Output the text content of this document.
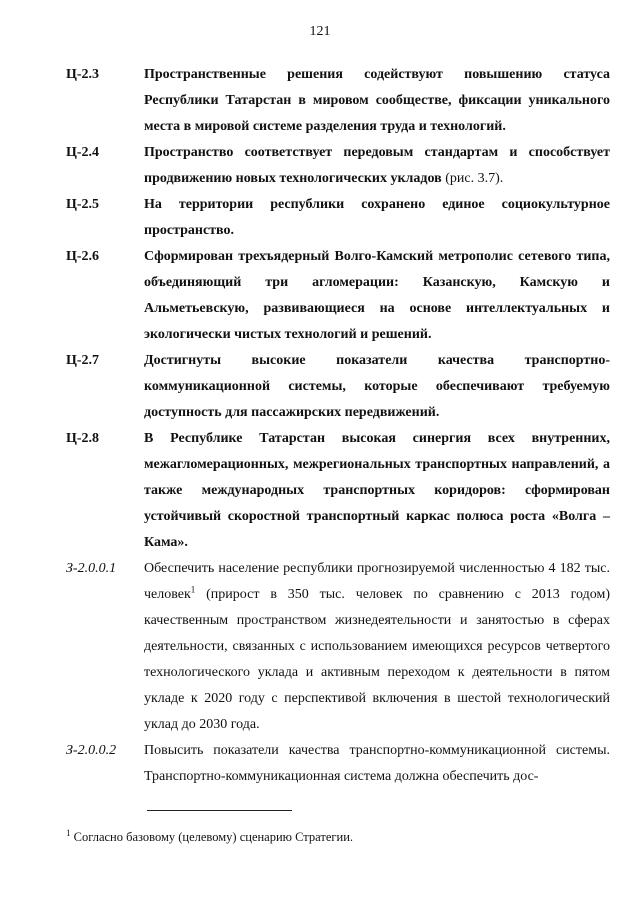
121
Ц-2.3	Пространственные решения содействуют повышению статуса Республики Татарстан в мировом сообществе, фиксации уникального места в мировой системе разделения труда и технологий.
Ц-2.4	Пространство соответствует передовым стандартам и способствует продвижению новых технологических укладов (рис. 3.7).
Ц-2.5	На территории республики сохранено единое социокультурное пространство.
Ц-2.6	Сформирован трехъядерный Волго-Камский метрополис сетевого типа, объединяющий три агломерации: Казанскую, Камскую и Альметьевскую, развивающиеся на основе интеллектуальных и экологически чистых технологий и решений.
Ц-2.7	Достигнуты высокие показатели качества транспортно-коммуникационной системы, которые обеспечивают требуемую доступность для пассажирских передвижений.
Ц-2.8	В Республике Татарстан высокая синергия всех внутренних, межагломерационных, межрегиональных транспортных направлений, а также международных транспортных коридоров: сформирован устойчивый скоростной транспортный каркас полюса роста «Волга – Кама».
З-2.0.0.1	Обеспечить население республики прогнозируемой численностью 4 182 тыс. человек$^1$ (прирост в 350 тыс. человек по сравнению с 2013 годом) качественным пространством жизнедеятельности и занятостью в сферах деятельности, связанных с использованием имеющихся ресурсов четвертого технологического уклада и активным переходом к деятельности в пятом укладе к 2020 году с перспективой включения в шестой технологический уклад до 2030 года.
З-2.0.0.2	Повысить показатели качества транспортно-коммуникационной системы. Транспортно-коммуникационная система должна обеспечить дос-
$^1$ Согласно базовому (целевому) сценарию Стратегии.
